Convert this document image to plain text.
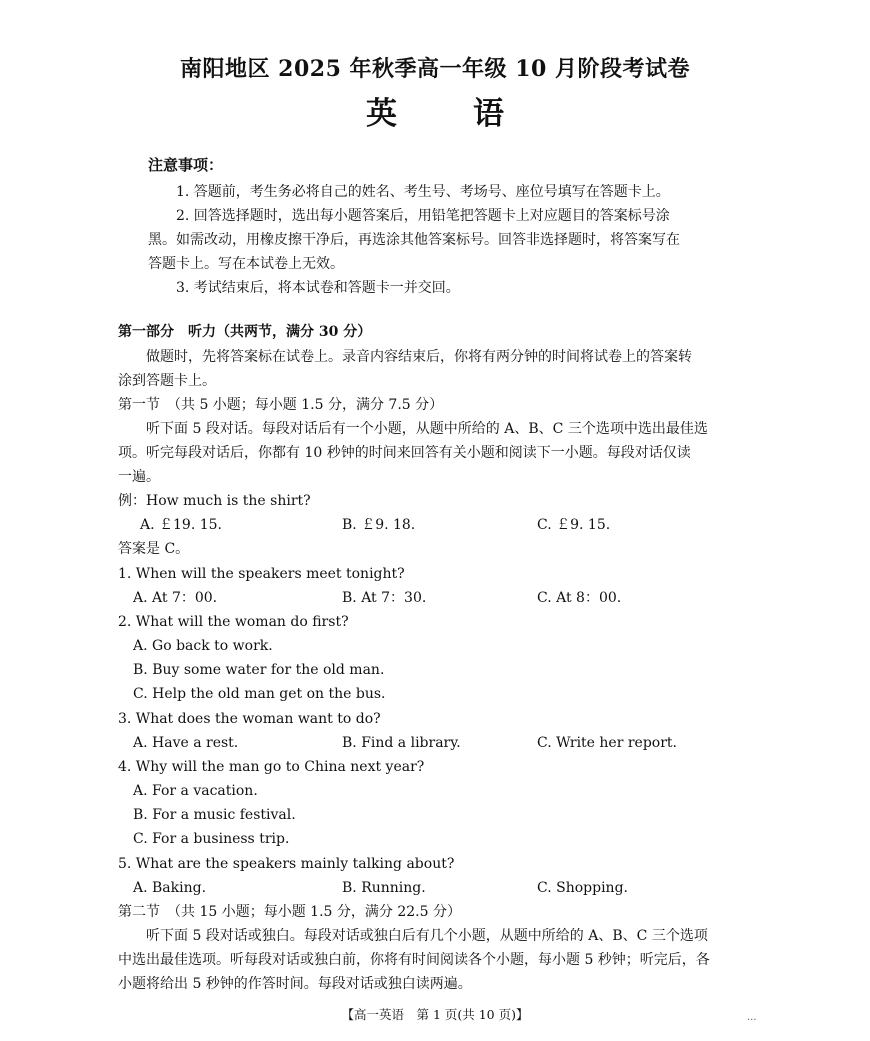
南阳地区 2025 年秋季高一年级 10 月阶段考试卷
英 语
注意事项：
1. 答题前，考生务必将自己的姓名、考生号、考场号、座位号填写在答题卡上。
2. 回答选择题时，选出每小题答案后，用铅笔把答题卡上对应题目的答案标号涂
黑。如需改动，用橡皮擦干净后，再选涂其他答案标号。回答非选择题时，将答案写在
答题卡上。写在本试卷上无效。
3. 考试结束后，将本试卷和答题卡一并交回。
第一部分　听力（共两节，满分 30 分）
做题时，先将答案标在试卷上。录音内容结束后，你将有两分钟的时间将试卷上的答案转
涂到答题卡上。
第一节　（共 5 小题；每小题 1.5 分，满分 7.5 分）
听下面 5 段对话。每段对话后有一个小题，从题中所给的 A、B、C 三个选项中选出最佳选
项。听完每段对话后，你都有 10 秒钟的时间来回答有关小题和阅读下一小题。每段对话仅读
一遍。
例：How much is the shirt?
A. ￡19. 15.	B. ￡9. 18.	C. ￡9. 15.
答案是 C。
1. When will the speakers meet tonight?
A. At 7：00.	B. At 7：30.	C. At 8：00.
2. What will the woman do first?
A. Go back to work.
B. Buy some water for the old man.
C. Help the old man get on the bus.
3. What does the woman want to do?
A. Have a rest.	B. Find a library.	C. Write her report.
4. Why will the man go to China next year?
A. For a vacation.
B. For a music festival.
C. For a business trip.
5. What are the speakers mainly talking about?
A. Baking.	B. Running.	C. Shopping.
第二节　（共 15 小题；每小题 1.5 分，满分 22.5 分）
听下面 5 段对话或独白。每段对话或独白后有几个小题，从题中所给的 A、B、C 三个选项
中选出最佳选项。听每段对话或独白前，你将有时间阅读各个小题，每小题 5 秒钟；听完后，各
小题将给出 5 秒钟的作答时间。每段对话或独白读两遍。
【高一英语　第 1 页(共 10 页)】	...
